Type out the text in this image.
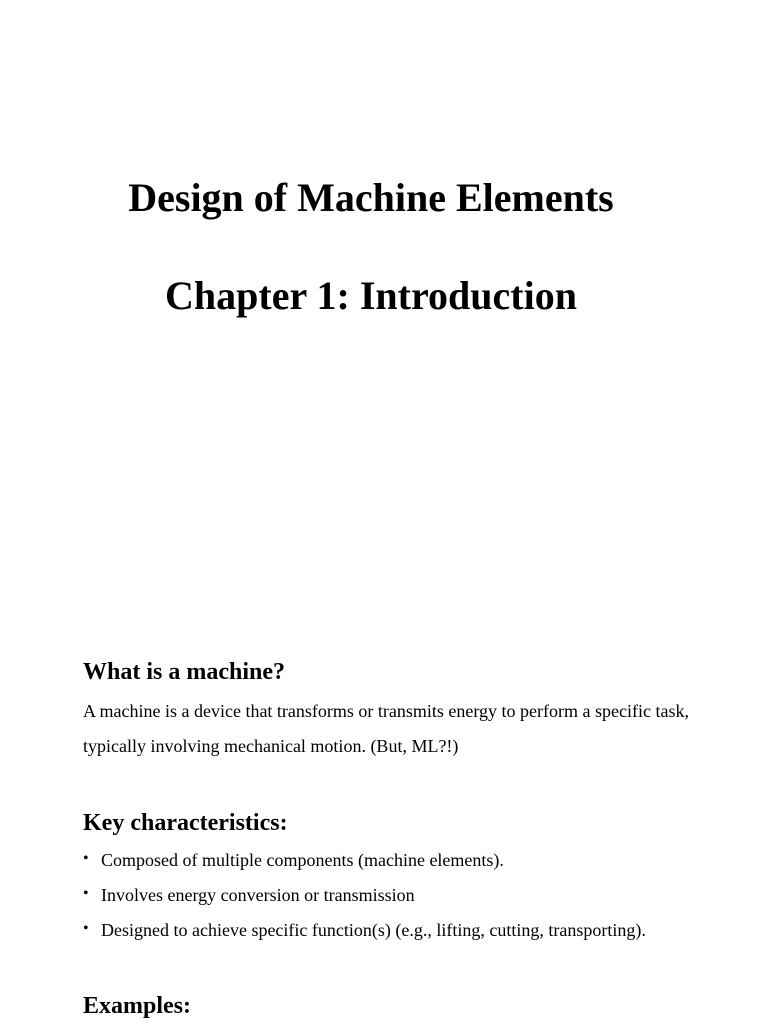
Design of Machine Elements
Chapter 1: Introduction
What is a machine?

A machine is a device that transforms or transmits energy to perform a specific task, typically involving mechanical motion. (But, ML?!)

Key characteristics:
• Composed of multiple components (machine elements).
• Involves energy conversion or transmission
• Designed to achieve specific function(s) (e.g., lifting, cutting, transporting).
Examples:
